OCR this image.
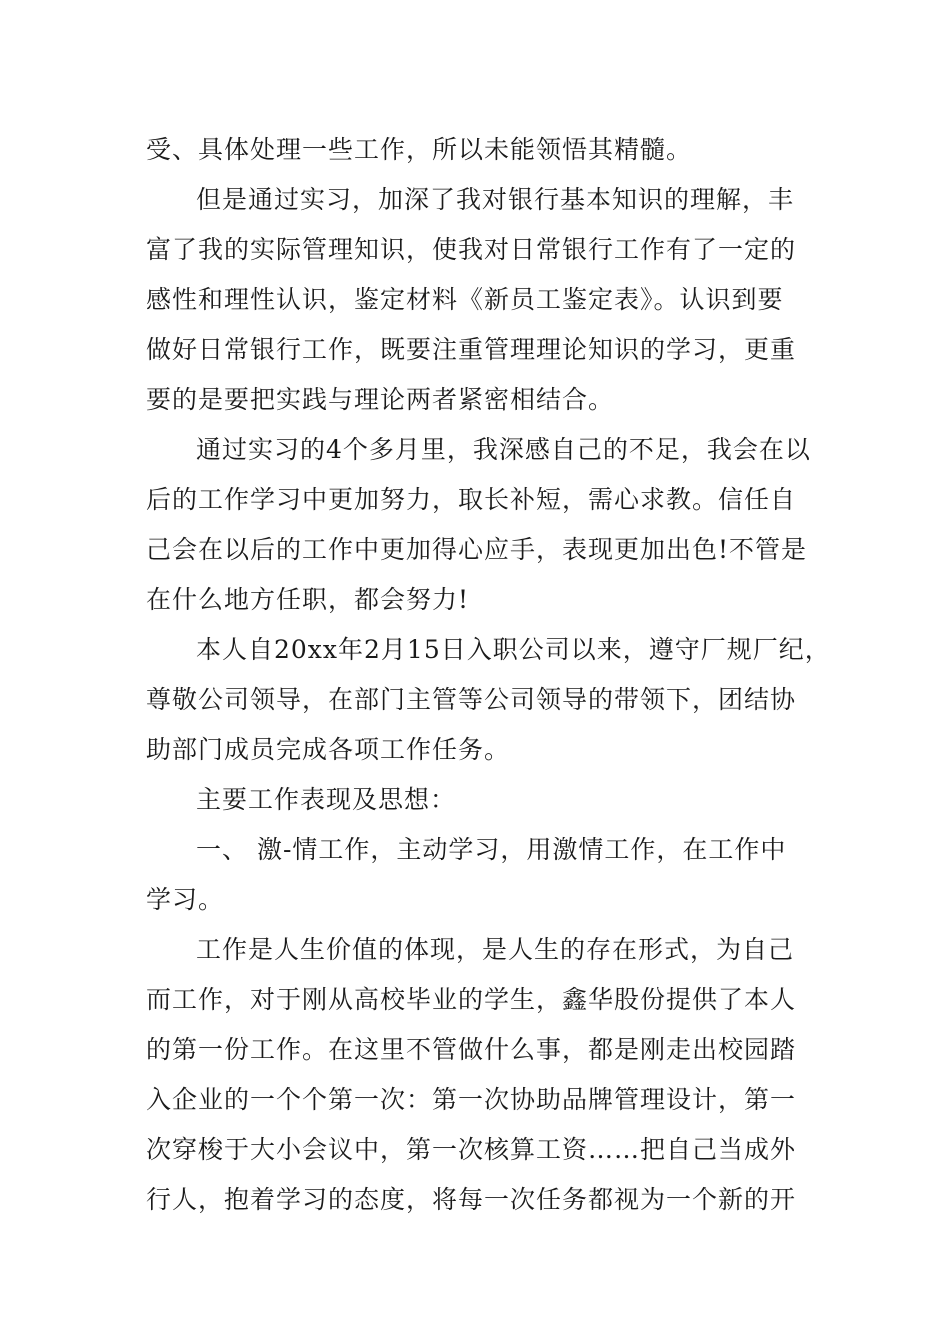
受、具体处理一些工作，所以未能领悟其精髓。
但是通过实习，加深了我对银行基本知识的理解，丰
富了我的实际管理知识，使我对日常银行工作有了一定的
感性和理性认识，鉴定材料《新员工鉴定表》。认识到要
做好日常银行工作，既要注重管理理论知识的学习，更重
要的是要把实践与理论两者紧密相结合。
通过实习的4个多月里，我深感自己的不足，我会在以
后的工作学习中更加努力，取长补短，需心求教。信任自
己会在以后的工作中更加得心应手，表现更加出色!不管是
在什么地方任职，都会努力!
本人自20xx年2月15日入职公司以来，遵守厂规厂纪，
尊敬公司领导，在部门主管等公司领导的带领下，团结协
助部门成员完成各项工作任务。
主要工作表现及思想：
一、 激-情工作，主动学习，用激情工作，在工作中
学习。
工作是人生价值的体现，是人生的存在形式，为自己
而工作，对于刚从高校毕业的学生，鑫华股份提供了本人
的第一份工作。在这里不管做什么事，都是刚走出校园踏
入企业的一个个第一次：第一次协助品牌管理设计，第一
次穿梭于大小会议中，第一次核算工资……把自己当成外
行人，抱着学习的态度，将每一次任务都视为一个新的开
